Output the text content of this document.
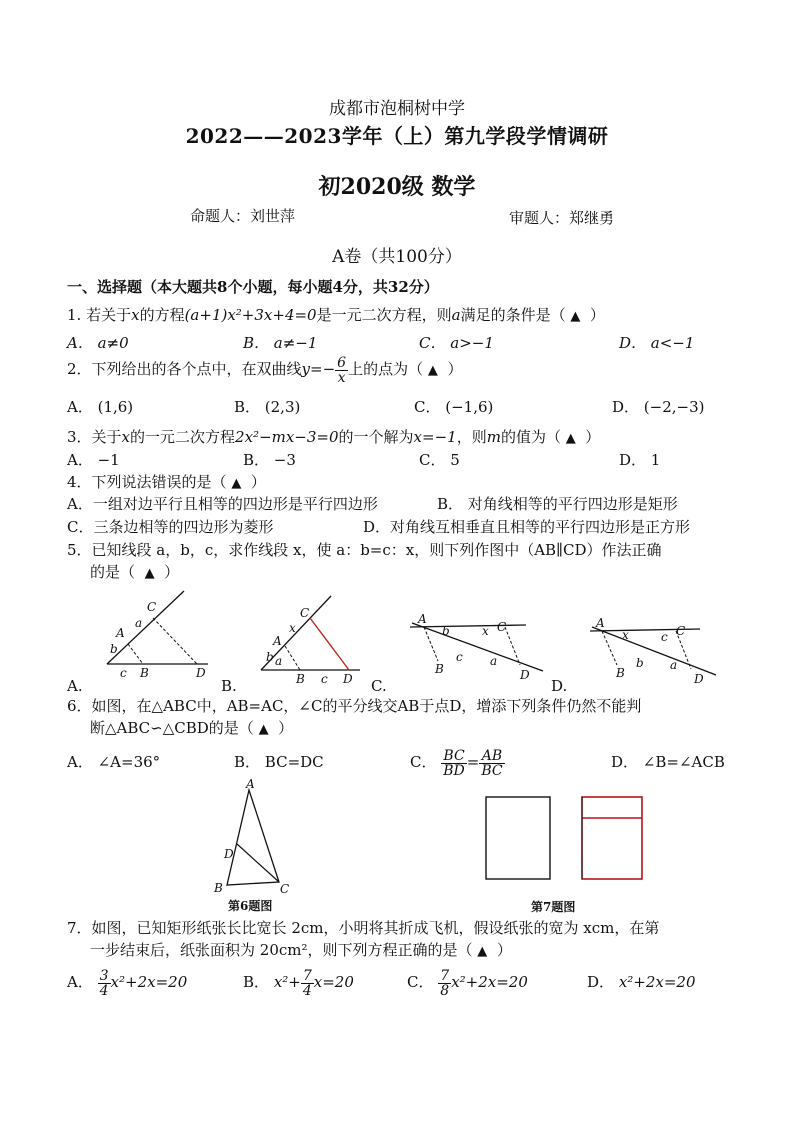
成都市泡桐树中学
2022——2023学年（上）第九学段学情调研
初2020级 数学
命题人：刘世萍	审题人：郑继勇
A卷（共100分）
一、选择题（本大题共8个小题，每小题4分，共32分）
1. 若关于x的方程(a+1)x²+3x+4=0是一元二次方程，则a满足的条件是（ ▲ ）
A． a≠0	B． a≠−1	C． a>−1	D． a<−1
2．下列给出的各个点中，在双曲线$y=- \frac{6}{x}$ 上的点为（ ▲ ）
A． (1,6)	B． (2,3)	C． (−1,6)	D． (−2,−3)
3．关于x的一元二次方程2x²−mx−3=0的一个解为x=−1，则m的值为（ ▲ ）
A． −1	B． −3	C． 5	D． 1
4．下列说法错误的是（ ▲ ）
A．一组对边平行且相等的四边形是平行四边形	B． 对角线相等的平行四边形是矩形
C．三条边相等的四边形为菱形	D．对角线互相垂直且相等的平行四边形是正方形
5．已知线段 a，b，c，求作线段 x，使 a：b=c：x，则下列作图中（AB∥CD）作法正确
的是（ ▲ ）
C
a
A
b
c B	D
C
x
A
b a
B c D
A
b	x C
B
c a
D
A
x	c C
B
b a
D
A.	B.	C.	D.
6．如图，在△ABC中，AB=AC，∠C的平分线交AB于点D，增添下列条件仍然不能判
断△ABC∽△CBD的是（ ▲ ）
A． ∠A=36°	B． BC=DC	C． $\frac{BC}{BD} = \frac{AB}{BC}$	D． ∠B=∠ACB
A
D
B	C
第6题图	第7题图
7．如图，已知矩形纸张长比宽长 2cm，小明将其折成飞机，假设纸张的宽为 xcm，在第
一步结束后，纸张面积为 20cm²，则下列方程正确的是（ ▲ ）
A． $\frac{3}{4} x^2+2x=20$	B． $x^2+ \frac{7}{4} x=20$	C． $\frac{7}{8} x^2+2x=20$	D． x²+2x=20
